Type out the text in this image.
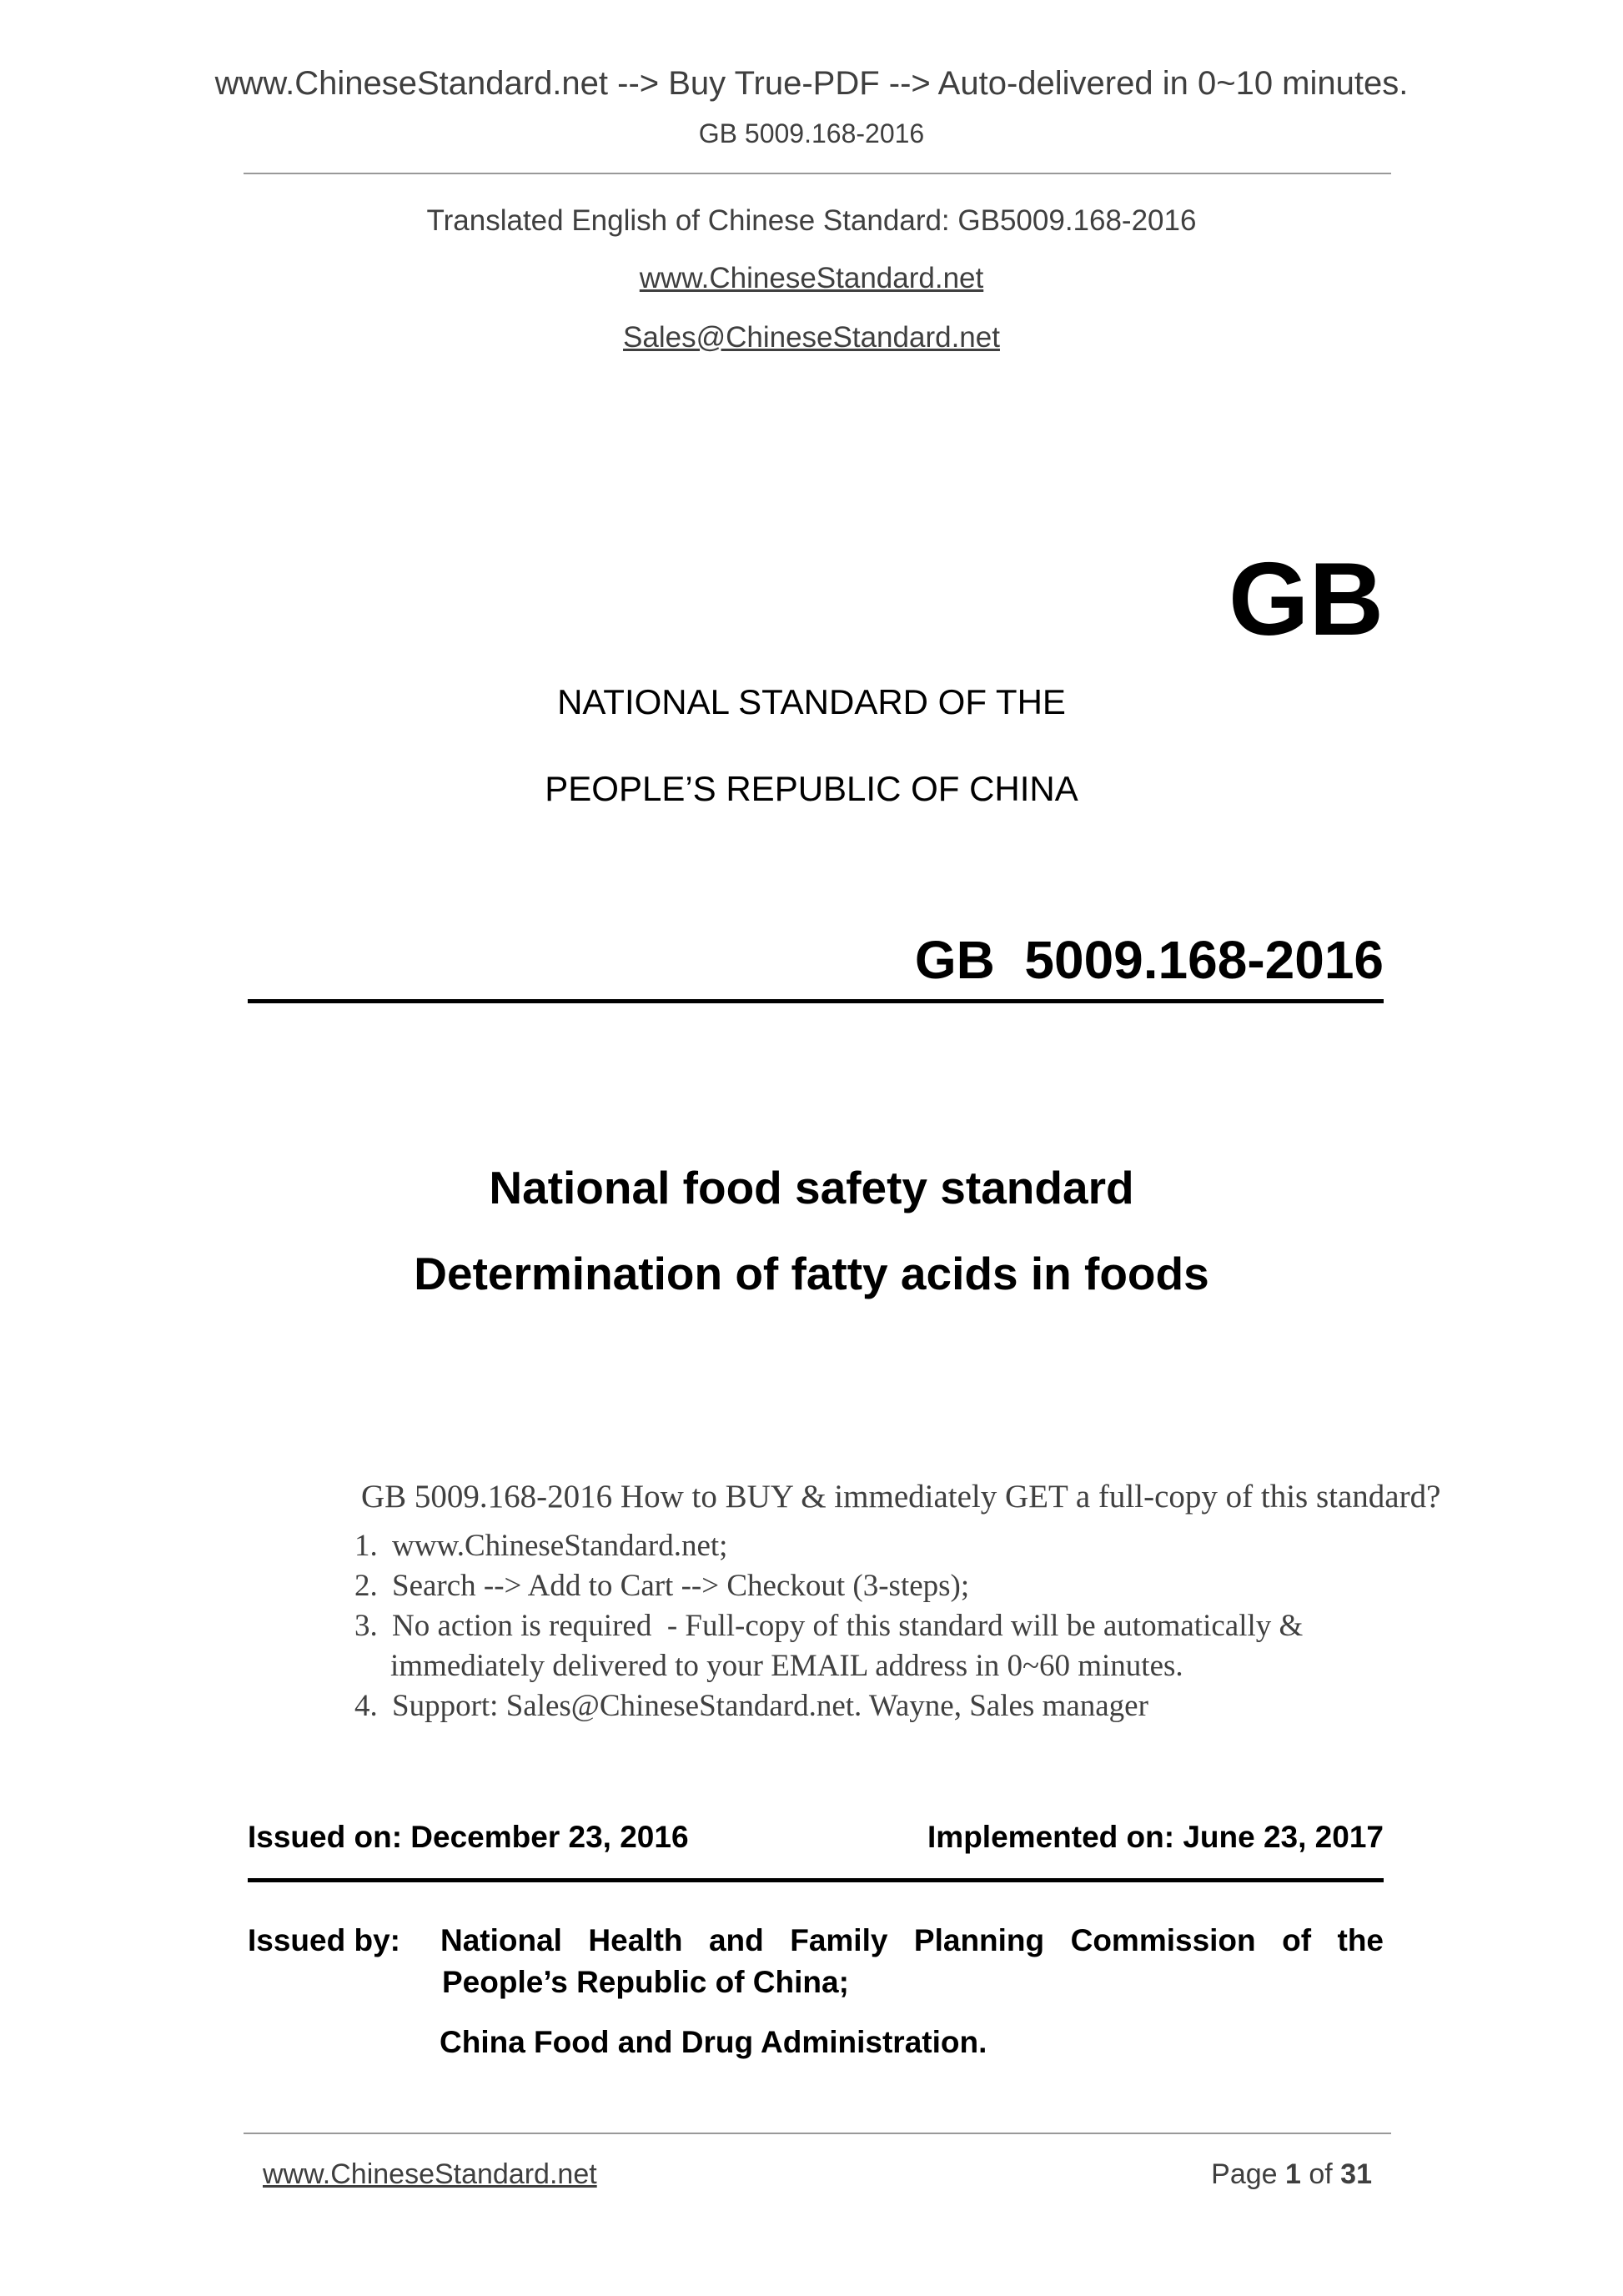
www.ChineseStandard.net --> Buy True-PDF --> Auto-delivered in 0~10 minutes.
GB 5009.168-2016
Translated English of Chinese Standard: GB5009.168-2016
www.ChineseStandard.net
Sales@ChineseStandard.net
GB
NATIONAL STANDARD OF THE
PEOPLE’S REPUBLIC OF CHINA
GB  5009.168-2016
National food safety standard
Determination of fatty acids in foods
GB 5009.168-2016 How to BUY & immediately GET a full-copy of this standard?
1. www.ChineseStandard.net;
2. Search --> Add to Cart --> Checkout (3-steps);
3. No action is required  - Full-copy of this standard will be automatically &
immediately delivered to your EMAIL address in 0~60 minutes.
4. Support: Sales@ChineseStandard.net. Wayne, Sales manager
Issued on: December 23, 2016	Implemented on: June 23, 2017
Issued by: National Health and Family Planning Commission of the
People’s Republic of China;
China Food and Drug Administration.
www.ChineseStandard.net	Page 1 of 31
